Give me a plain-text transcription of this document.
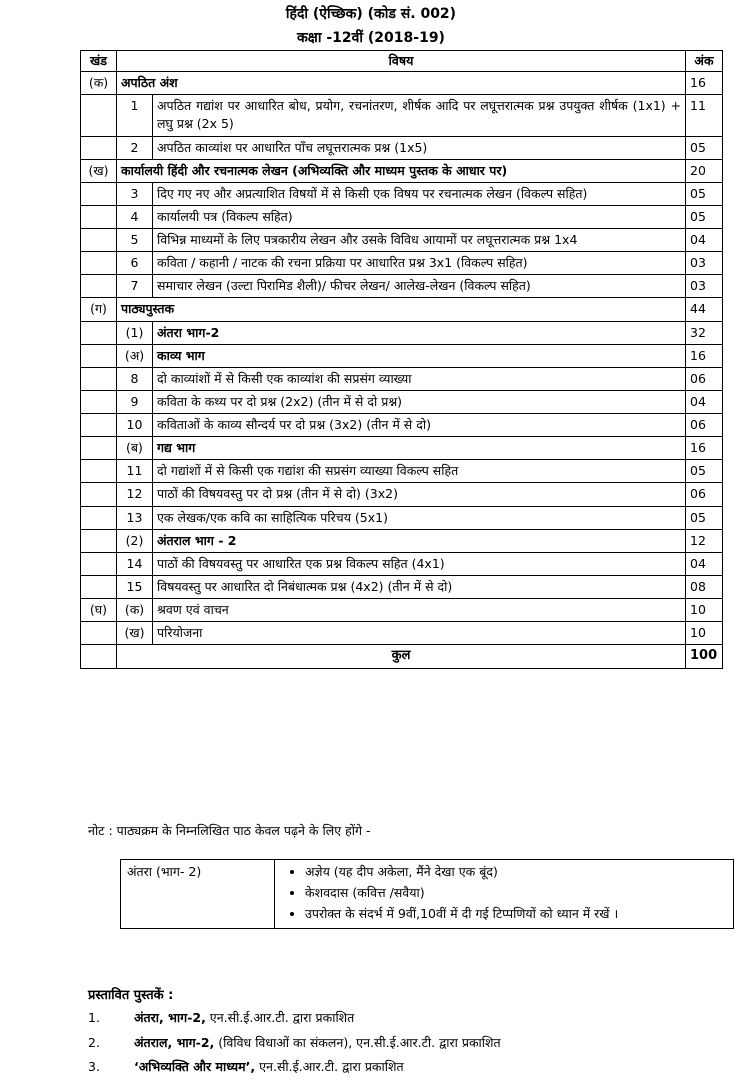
हिंदी (ऐच्छिक) (कोड सं. 002)
कक्षा -12वीं (2018-19)
खंड	विषय		अंक
(क)	अपठित अंश		16
	1	अपठित गद्यांश पर आधारित बोध, प्रयोग, रचनांतरण, शीर्षक आदि पर लघूत्तरात्मक प्रश्न उपयुक्त शीर्षक (1x1) + लघु प्रश्न (2x 5)	11
	2	अपठित काव्यांश पर आधारित पाँच लघूत्तरात्मक प्रश्न (1x5)	05
(ख)	कार्यालयी हिंदी और रचनात्मक लेखन (अभिव्यक्ति और माध्यम पुस्तक के आधार पर)		20
	3	दिए गए नए और अप्रत्याशित विषयों में से किसी एक विषय पर रचनात्मक लेखन (विकल्प सहित)	05
	4	कार्यालयी पत्र (विकल्प सहित)	05
	5	विभिन्न माध्यमों के लिए पत्रकारीय लेखन और उसके विविध आयामों पर लघूत्तरात्मक प्रश्न 1x4	04
	6	कविता / कहानी / नाटक की रचना प्रक्रिया पर आधारित प्रश्न 3x1 (विकल्प सहित)	03
	7	समाचार लेखन (उल्टा पिरामिड शैली)/ फीचर लेखन/ आलेख-लेखन (विकल्प सहित)	03
(ग)	पाठ्यपुस्तक		44
	(1)	अंतरा भाग-2	32
	(अ)	काव्य भाग	16
	8	दो काव्यांशों में से किसी एक काव्यांश की सप्रसंग व्याख्या	06
	9	कविता के कथ्य पर दो प्रश्न (2x2) (तीन में से दो प्रश्न)	04
	10	कविताओं के काव्य सौन्दर्य पर दो प्रश्न (3x2) (तीन में से दो)	06
	(ब)	गद्य भाग	16
	11	दो गद्यांशों में से किसी एक गद्यांश की सप्रसंग व्याख्या विकल्प सहित	05
	12	पाठों की विषयवस्तु पर दो प्रश्न (तीन में से दो) (3x2)	06
	13	एक लेखक/एक कवि का साहित्यिक परिचय (5x1)	05
	(2)	अंतराल भाग - 2	12
	14	पाठों की विषयवस्तु पर आधारित एक प्रश्न विकल्प सहित (4x1)	04
	15	विषयवस्तु पर आधारित दो निबंधात्मक प्रश्न (4x2) (तीन में से दो)	08
(घ)	(क)	श्रवण एवं वाचन	10
	(ख)	परियोजना	10
	कुल		100
नोट : पाठ्यक्रम के निम्नलिखित पाठ केवल पढ़ने के लिए होंगे -
अंतरा (भाग- 2)	
•अज्ञेय (यह दीप अकेला, मैंने देखा एक बूंद)
• केशवदास (कवित्त /सवैया)
• उपरोक्त के संदर्भ में 9वीं,10वीं में दी गई टिप्पणियों को ध्यान में रखें ।
प्रस्तावित पुस्तकें :
1.	अंतरा, भाग-2, एन.सी.ई.आर.टी. द्वारा प्रकाशित
2.	अंतराल, भाग-2, (विविध विधाओं का संकलन), एन.सी.ई.आर.टी. द्वारा प्रकाशित
3.	‘अभिव्यक्ति और माध्यम’, एन.सी.ई.आर.टी. द्वारा प्रकाशित
